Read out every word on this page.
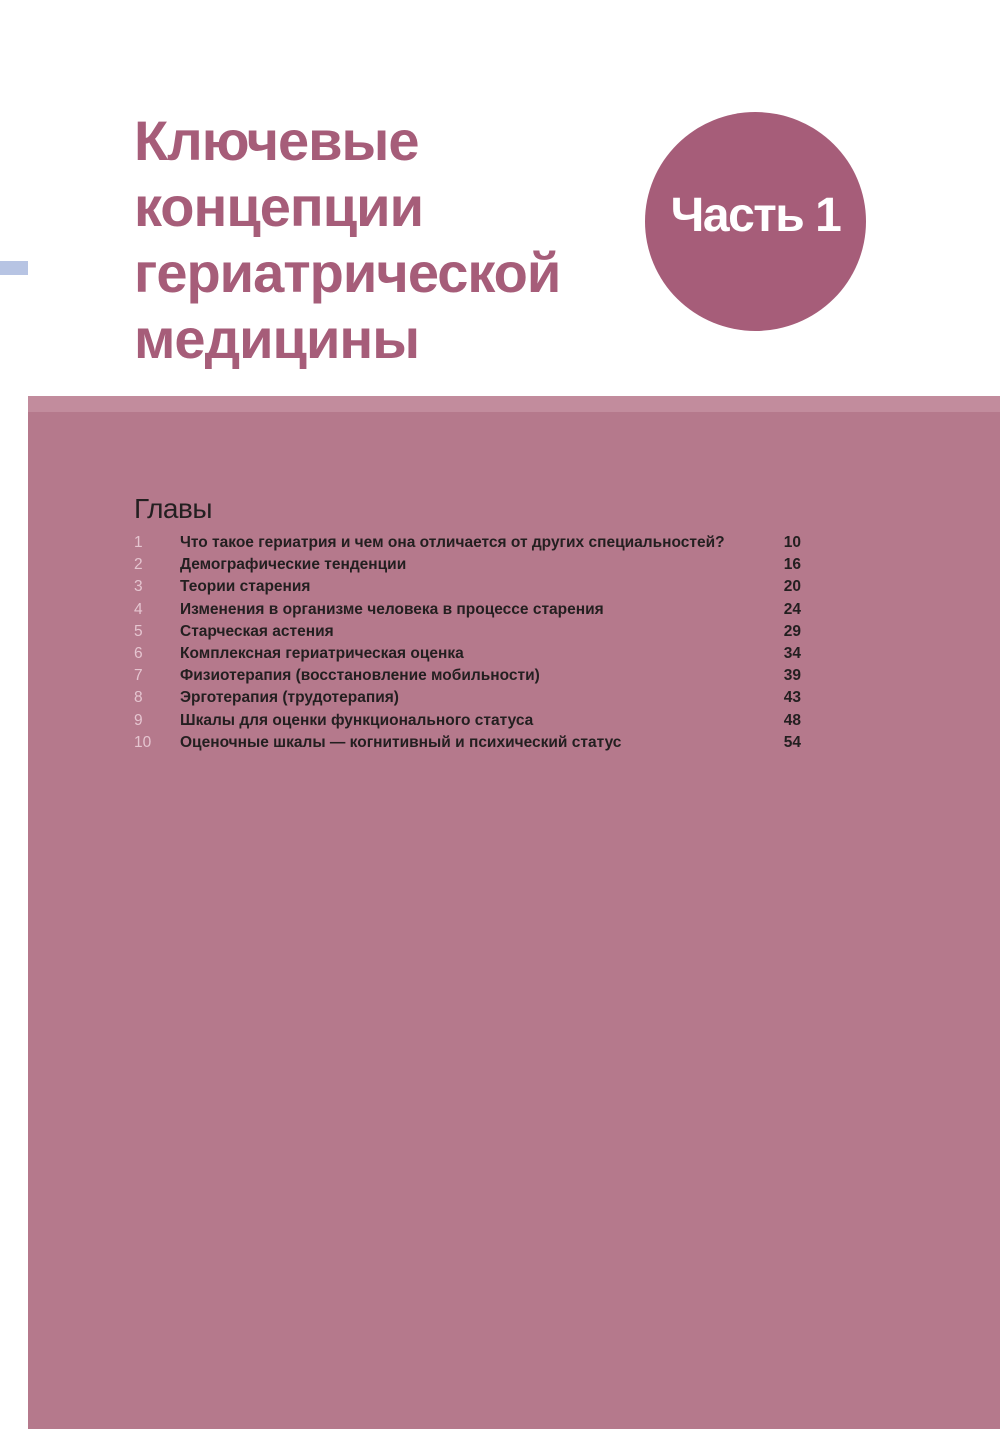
Ключевые
концепции
гериатрической
медицины
Часть 1
Главы
1 Что такое гериатрия и чем она отличается от других специальностей?	10
2 Демографические тенденции	16
3 Теории старения	20
4 Изменения в организме человека в процессе старения	24
5 Старческая астения	29
6 Комплексная гериатрическая оценка	34
7 Физиотерапия (восстановление мобильности)	39
8 Эрготерапия (трудотерапия)	43
9 Шкалы для оценки функционального статуса	48
10 Оценочные шкалы — когнитивный и психический статус	54
